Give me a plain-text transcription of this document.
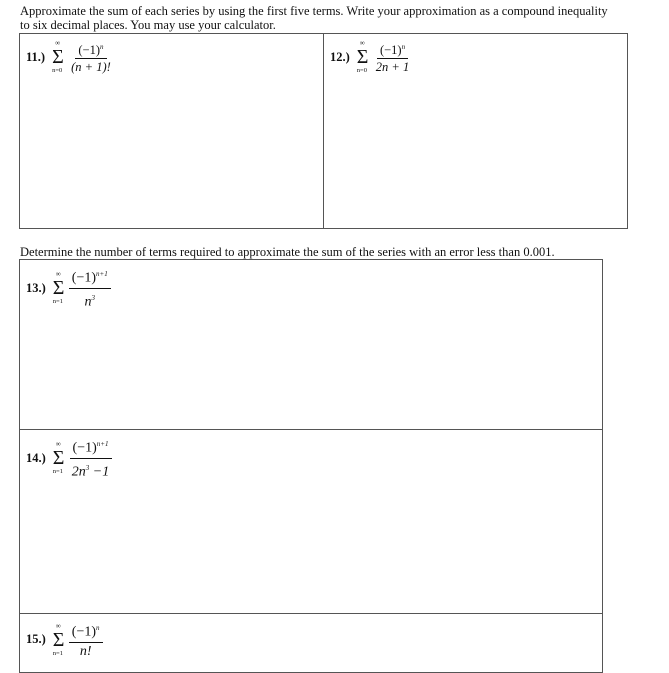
Approximate the sum of each series by using the first five terms. Write your approximation as a compound inequality to six decimal places. You may use your calculator.

11.)
∞
Σ
$n=0 \frac{(-1)^n}{(n + 1)!}$	12.)
∞
Σ
$n=0 \frac{(-1)^n}{2n + 1}$

Determine the number of terms required to approximate the sum of the series with an error less than 0.001.

13.)
∞
Σ
$n=1 \frac{(-1)^{n+1}}{n^3}$
14.)
∞
Σ
$n=1 \frac{(-1)^{n+1}}{2n^3 -1}$
15.)
∞
Σ
$n=1 \frac{(-1)^n}{n!}$
